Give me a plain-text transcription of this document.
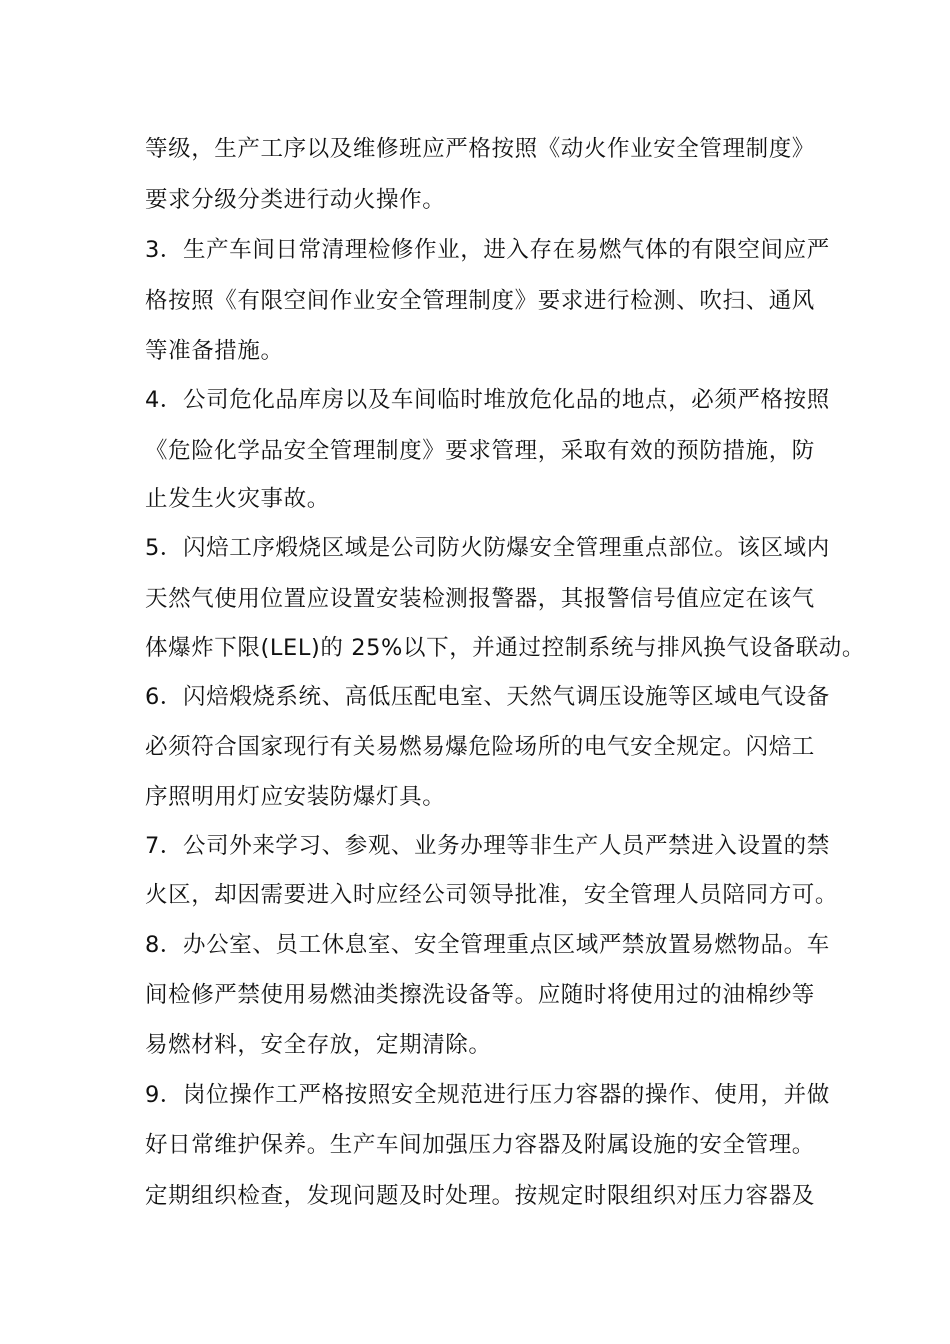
等级，生产工序以及维修班应严格按照《动火作业安全管理制度》
要求分级分类进行动火操作。
3．生产车间日常清理检修作业，进入存在易燃气体的有限空间应严
格按照《有限空间作业安全管理制度》要求进行检测、吹扫、通风
等准备措施。
4．公司危化品库房以及车间临时堆放危化品的地点，必须严格按照
《危险化学品安全管理制度》要求管理，采取有效的预防措施，防
止发生火灾事故。
5．闪焙工序煅烧区域是公司防火防爆安全管理重点部位。该区域内
天然气使用位置应设置安装检测报警器，其报警信号值应定在该气
体爆炸下限(LEL)的 25%以下，并通过控制系统与排风换气设备联动。
6．闪焙煅烧系统、高低压配电室、天然气调压设施等区域电气设备
必须符合国家现行有关易燃易爆危险场所的电气安全规定。闪焙工
序照明用灯应安装防爆灯具。
7．公司外来学习、参观、业务办理等非生产人员严禁进入设置的禁
火区，却因需要进入时应经公司领导批准，安全管理人员陪同方可。
8．办公室、员工休息室、安全管理重点区域严禁放置易燃物品。车
间检修严禁使用易燃油类擦洗设备等。应随时将使用过的油棉纱等
易燃材料，安全存放，定期清除。
9．岗位操作工严格按照安全规范进行压力容器的操作、使用，并做
好日常维护保养。生产车间加强压力容器及附属设施的安全管理。
定期组织检查，发现问题及时处理。按规定时限组织对压力容器及
